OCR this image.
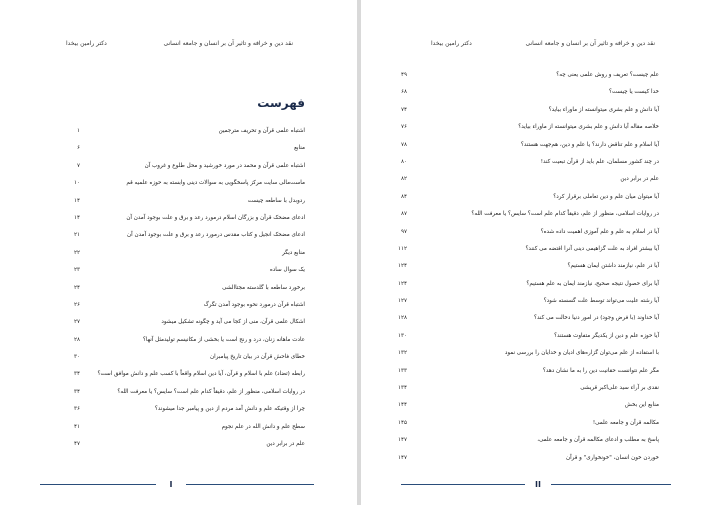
نقد دین و خرافه و تاثیر آن بر انسان و جامعه انسانی
دکتر رامین بیخدا
فهرست
اشتباه علمی قرآن و تحریف مترجمین
۱
منابع
۶
اشتباه علمی قرآن و محمد در مورد خورشید و محل طلوع و غروب آن
۷
ماست‌مالی سایت مرکز پاسخگویی به سوالات دینی وابسته به حوزه علمیه قم
۱۰
ردوبدل با ساطعه چیست
۱۴
ادعای مضحک قرآن و بزرگان اسلام درمورد رعد و برق و علت بوجود آمدن آن
۱۴
ادعای مضحک انجیل و کتاب مقدس درمورد رعد و برق و علت بوجود آمدن آن
۲۱
منابع دیگر
۲۲
یک سوال ساده
۲۳
برخورد ساطعه با گلدسته مجتاالشی
۲۴
اشتباه قرآن درمورد نحوه بوجود آمدن تگرگ
۲۶
اشکال علمی قرآن، منی از کجا می آید و چگونه تشکیل میشود
۲۷
عادت ماهانه زنان، درد و رنج است یا بخشی از مکانیسم تولیدمثل آنها؟
۲۸
خطای فاحش قرآن در بیان تاریخ پیامبران
۳۰
رابطه (تضاد) علم با اسلام و قرآن، آیا دین اسلام واقعاً با کسب علم و دانش موافق است؟
۳۴
در روایات اسلامی، منظور از علم، دقیقاً کدام علم است؟ سایس؟ یا معرفت الله؟
۳۴
چرا از وقتیکه علم و دانش آمد مردم از دین و پیامبر جدا میشوند؟
۳۶
سطح علم و دانش الله در علم نجوم
۴۱
علم در برابر دین
۴۷
I
نقد دین و خرافه و تاثیر آن بر انسان و جامعه انسانی
دکتر رامین بیخدا
علم چیست؟ تعریف و روش علمی یعنی چه؟
۴۹
خدا کیست یا چیست؟
۶۸
آیا دانش و علم بشری میتوانسته از ماوراء بیاید؟
۷۴
خلاصه مقاله آیا دانش و علم بشری میتوانسته از ماوراء بیاید؟
۷۶
آیا اسلام و علم تناقض دارند؟ یا علم و دین، هم‌جهت هستند؟
۷۸
در چند کشور مسلمان، علم باید از قرآن تبعیت کند!
۸۰
علم در برابر دین
۸۲
آیا میتوان میان علم و دین تعاملی برقرار کرد؟
۸۴
در روایات اسلامی، منظور از علم، دقیقاً کدام علم است؟ سایس؟ یا معرفت الله؟
۸۷
آیا در اسلام به علم و علم آموزی اهمیت داده شده؟
۹۷
آیا بیشتر افراد به علت گزاهیمی دینی آنرا اقتضه می کنند؟
۱۱۲
آیا در علم، نیازمند داشتن ایمان هستیم؟
۱۲۴
آیا برای حصول نتیجه صحیح، نیازمند ایمان به علم هستیم؟
۱۲۴
آیا رشته علیت می‌تواند توسط علت گسسته شود؟
۱۲۷
آیا خداوند (با فرض وجود) در امور دنیا دخالت می کند؟
۱۲۸
آیا حوزه علم و دین از یکدیگر متفاوت هستند؟
۱۳۰
با استفاده از علم می‌توان گزاره‌های ادیان و خدایان را بررسی نمود
۱۳۲
مگر علم نتوانست حقانیت دین را به ما نشان دهد؟
۱۳۳
نقدی بر آراء سید علی‌اکبر قریشی
۱۳۴
منابع این بخش
۱۴۴
مکالمه قرآن و جامعه علمی!
۱۴۵
پاسخ به مطلب و ادعای مکالمه قرآن و جامعه علمی،
۱۴۷
خوردن خون انسان، "خونخواری" و قرآن
۱۴۷
II
